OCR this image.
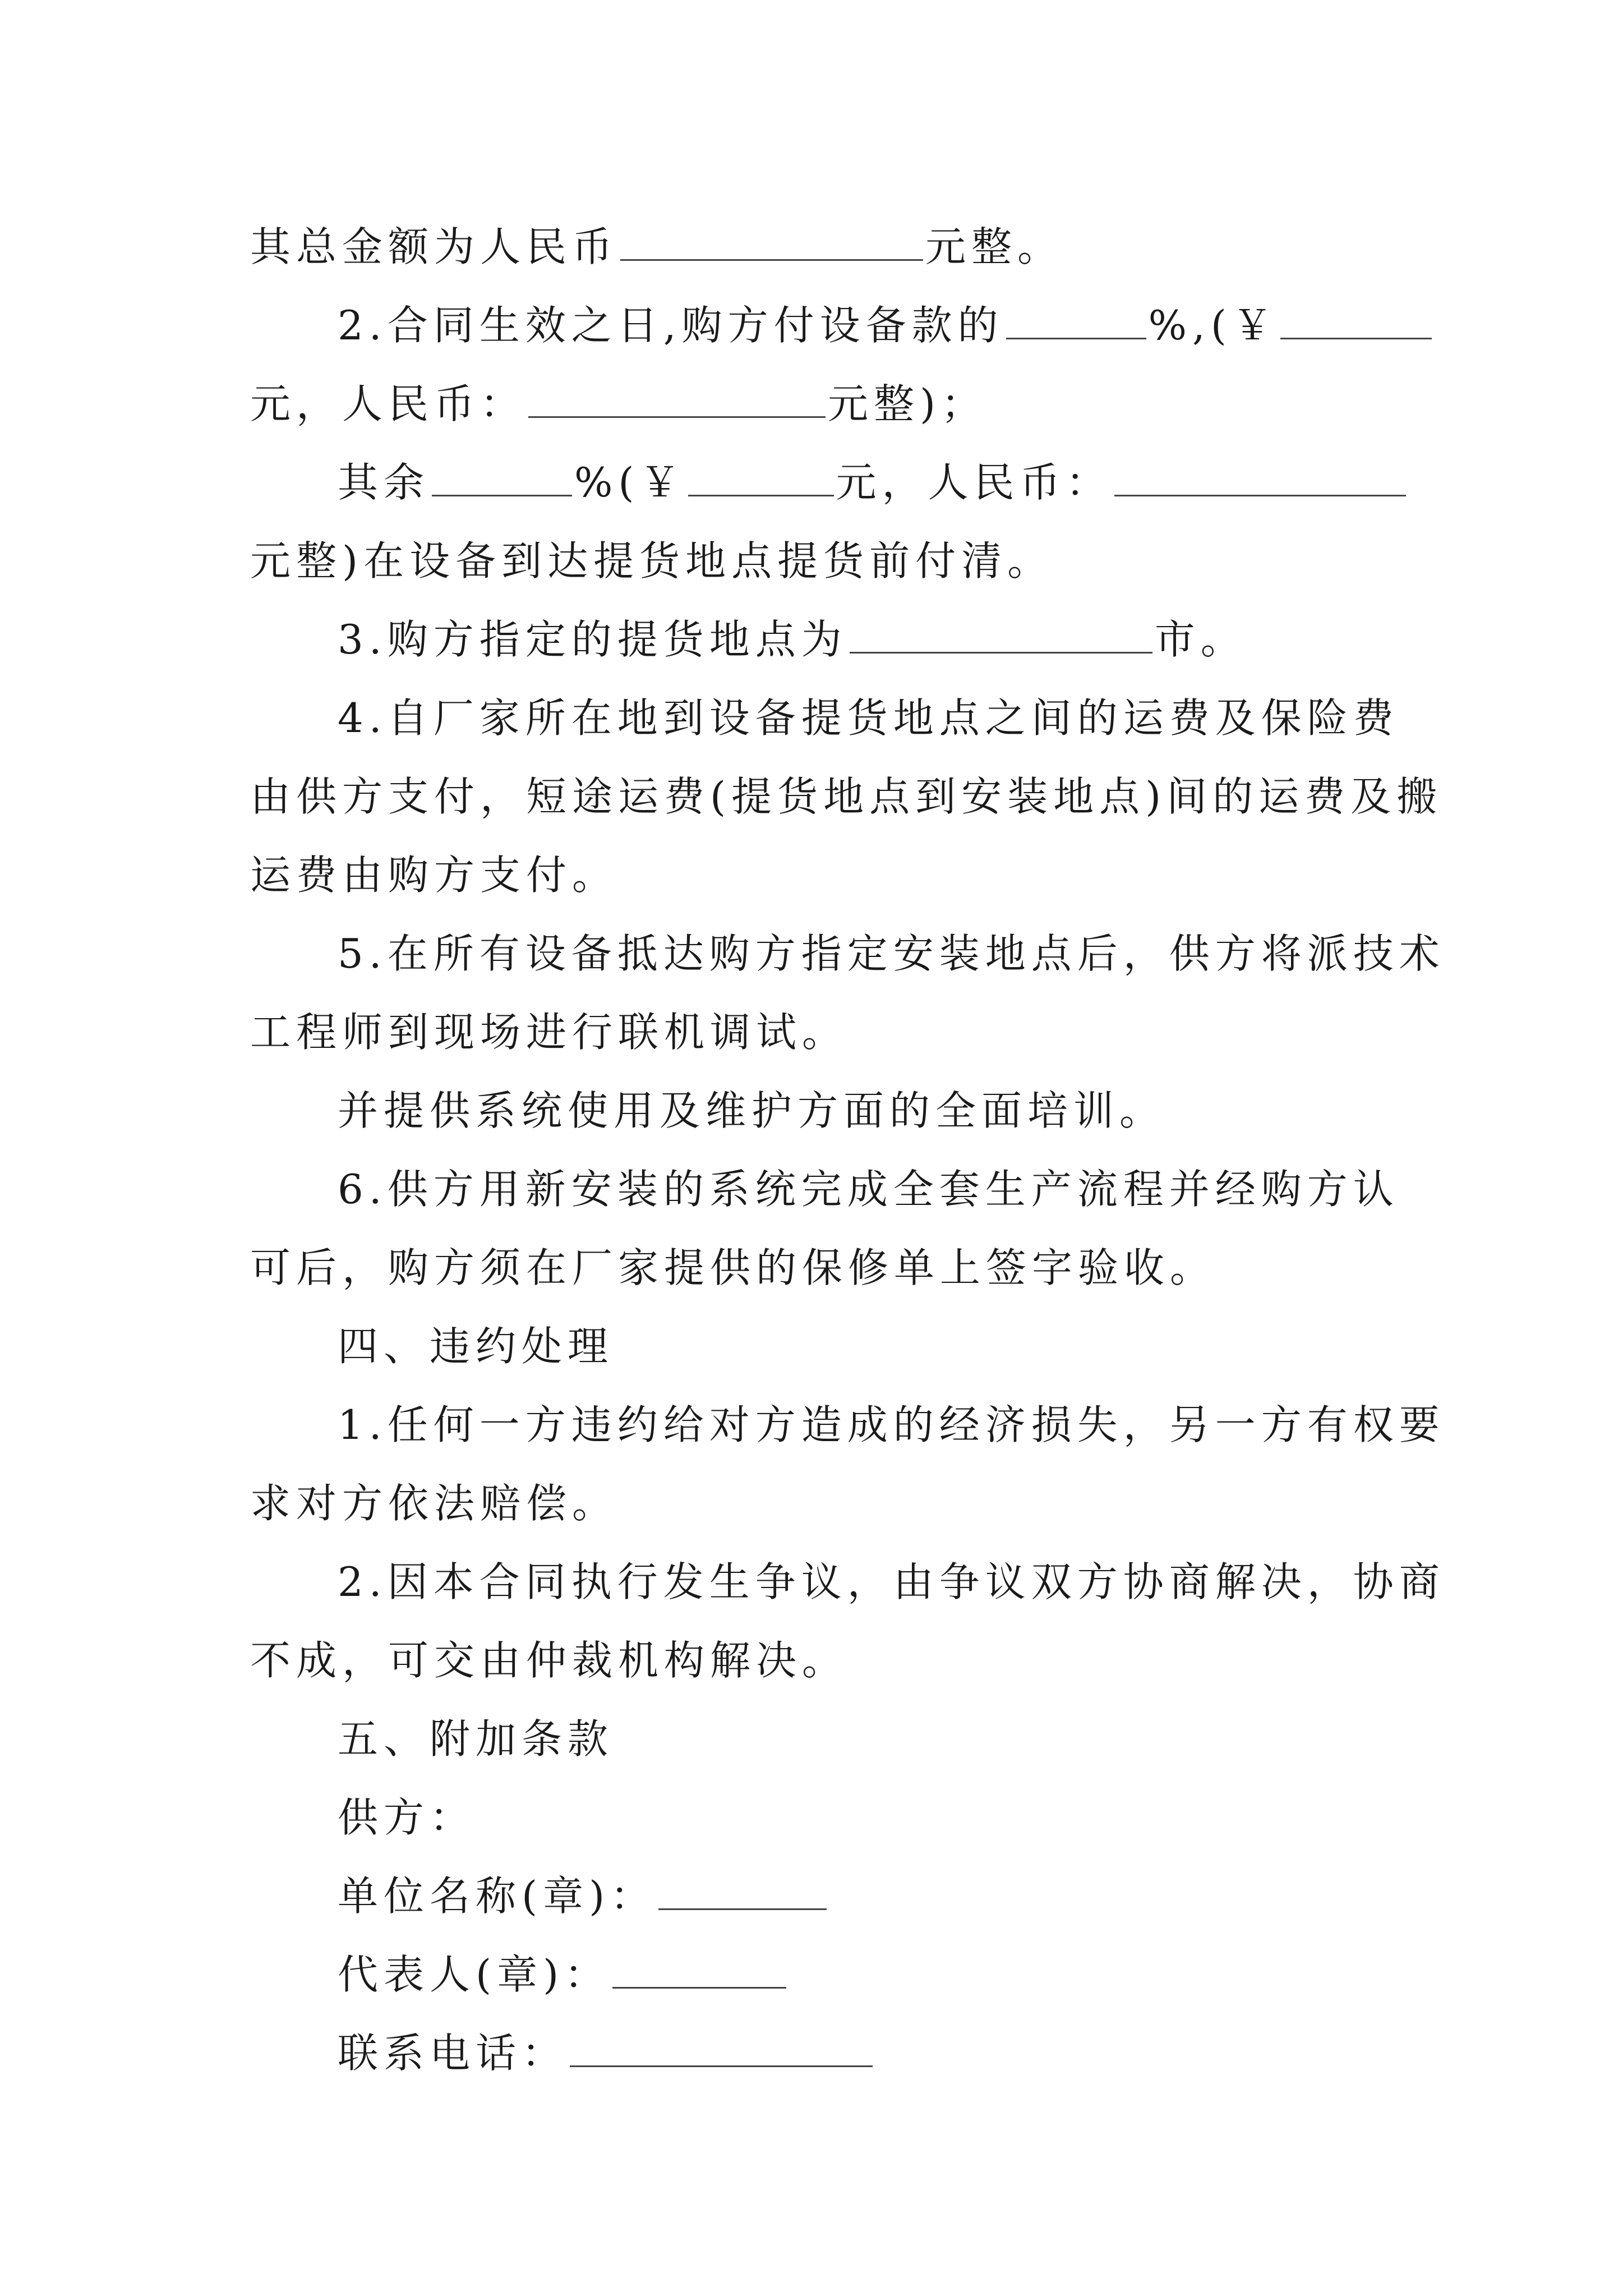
其总金额为人民币	元整。
2.合同生效之日,购方付设备款的	%,(￥
元，人民币：	元整)；
其余	%(￥	元，人民币：
元整)在设备到达提货地点提货前付清。
3.购方指定的提货地点为	市。
4.自厂家所在地到设备提货地点之间的运费及保险费
由供方支付，短途运费(提货地点到安装地点)间的运费及搬
运费由购方支付。
5.在所有设备抵达购方指定安装地点后，供方将派技术
工程师到现场进行联机调试。
并提供系统使用及维护方面的全面培训。
6.供方用新安装的系统完成全套生产流程并经购方认
可后，购方须在厂家提供的保修单上签字验收。
四、违约处理
1.任何一方违约给对方造成的经济损失，另一方有权要
求对方依法赔偿。
2.因本合同执行发生争议，由争议双方协商解决，协商
不成，可交由仲裁机构解决。
五、附加条款
供方：
单位名称(章)：
代表人(章)：
联系电话：
